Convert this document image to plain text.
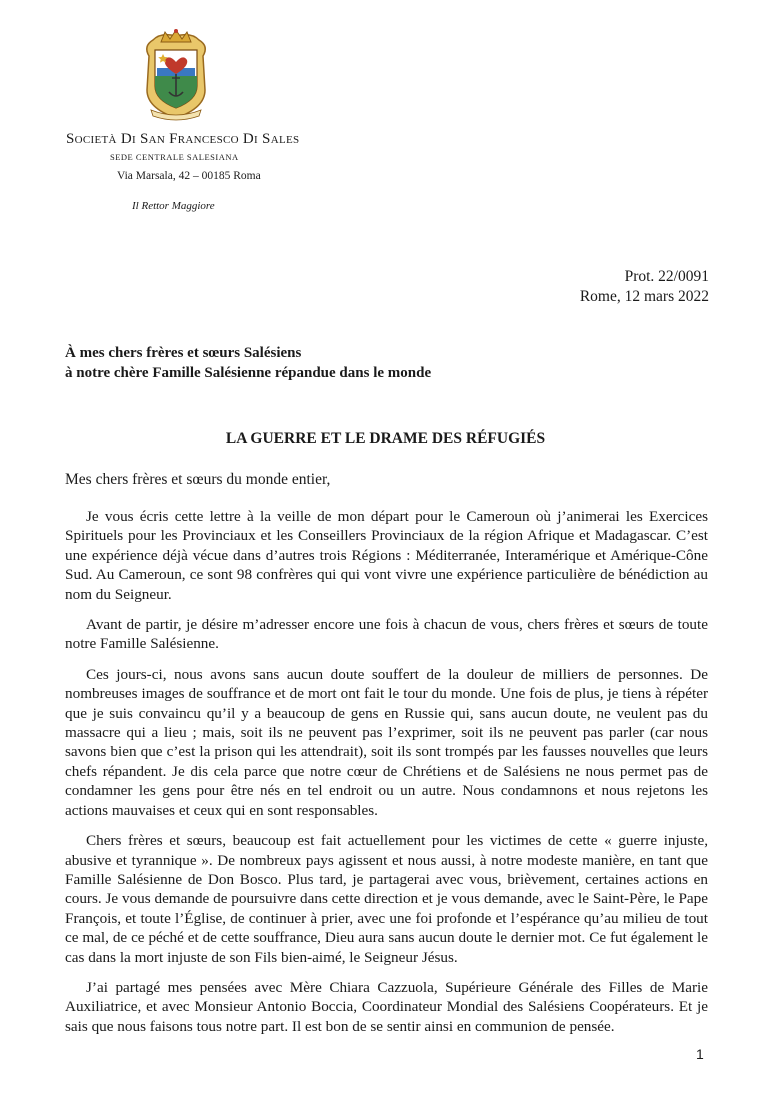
Società Di San Francesco Di Sales
SEDE CENTRALE SALESIANA
Via Marsala, 42 – 00185 Roma
Il Rettor Maggiore
Prot. 22/0091
Rome, 12 mars 2022
À mes chers frères et sœurs Salésiens
à notre chère Famille Salésienne répandue dans le monde
LA GUERRE ET LE DRAME DES RÉFUGIÉS
Mes chers frères et sœurs du monde entier,

Je vous écris cette lettre à la veille de mon départ pour le Cameroun où j’animerai les Exercices Spirituels pour les Provinciaux et les Conseillers Provinciaux de la région Afrique et Madagascar. C’est une expérience déjà vécue dans d’autres trois Régions : Méditerranée, Interamérique et Amérique-Cône Sud. Au Cameroun, ce sont 98 confrères qui qui vont vivre une expérience particulière de bénédiction au nom du Seigneur.

Avant de partir, je désire m’adresser encore une fois à chacun de vous, chers frères et sœurs de toute notre Famille Salésienne.

Ces jours-ci, nous avons sans aucun doute souffert de la douleur de milliers de personnes. De nombreuses images de souffrance et de mort ont fait le tour du monde. Une fois de plus, je tiens à répéter que je suis convaincu qu’il y a beaucoup de gens en Russie qui, sans aucun doute, ne veulent pas du massacre qui a lieu ; mais, soit ils ne peuvent pas l’exprimer, soit ils ne peuvent pas parler (car nous savons bien que c’est la prison qui les attendrait), soit ils sont trompés par les fausses nouvelles que leurs chefs répandent. Je dis cela parce que notre cœur de Chrétiens et de Salésiens ne nous permet pas de condamner les gens pour être nés en tel endroit ou un autre. Nous condamnons et nous rejetons les actions mauvaises et ceux qui en sont responsables.

Chers frères et sœurs, beaucoup est fait actuellement pour les victimes de cette « guerre injuste, abusive et tyrannique ». De nombreux pays agissent et nous aussi, à notre modeste manière, en tant que Famille Salésienne de Don Bosco. Plus tard, je partagerai avec vous, brièvement, certaines actions en cours. Je vous demande de poursuivre dans cette direction et je vous demande, avec le Saint-Père, le Pape François, et toute l’Église, de continuer à prier, avec une foi profonde et l’espérance qu’au milieu de tout ce mal, de ce péché et de cette souffrance, Dieu aura sans aucun doute le dernier mot. Ce fut également le cas dans la mort injuste de son Fils bien-aimé, le Seigneur Jésus.

J’ai partagé mes pensées avec Mère Chiara Cazzuola, Supérieure Générale des Filles de Marie Auxiliatrice, et avec Monsieur Antonio Boccia, Coordinateur Mondial des Salésiens Coopérateurs. Et je sais que nous faisons tous notre part. Il est bon de se sentir ainsi en communion de pensée.

1
